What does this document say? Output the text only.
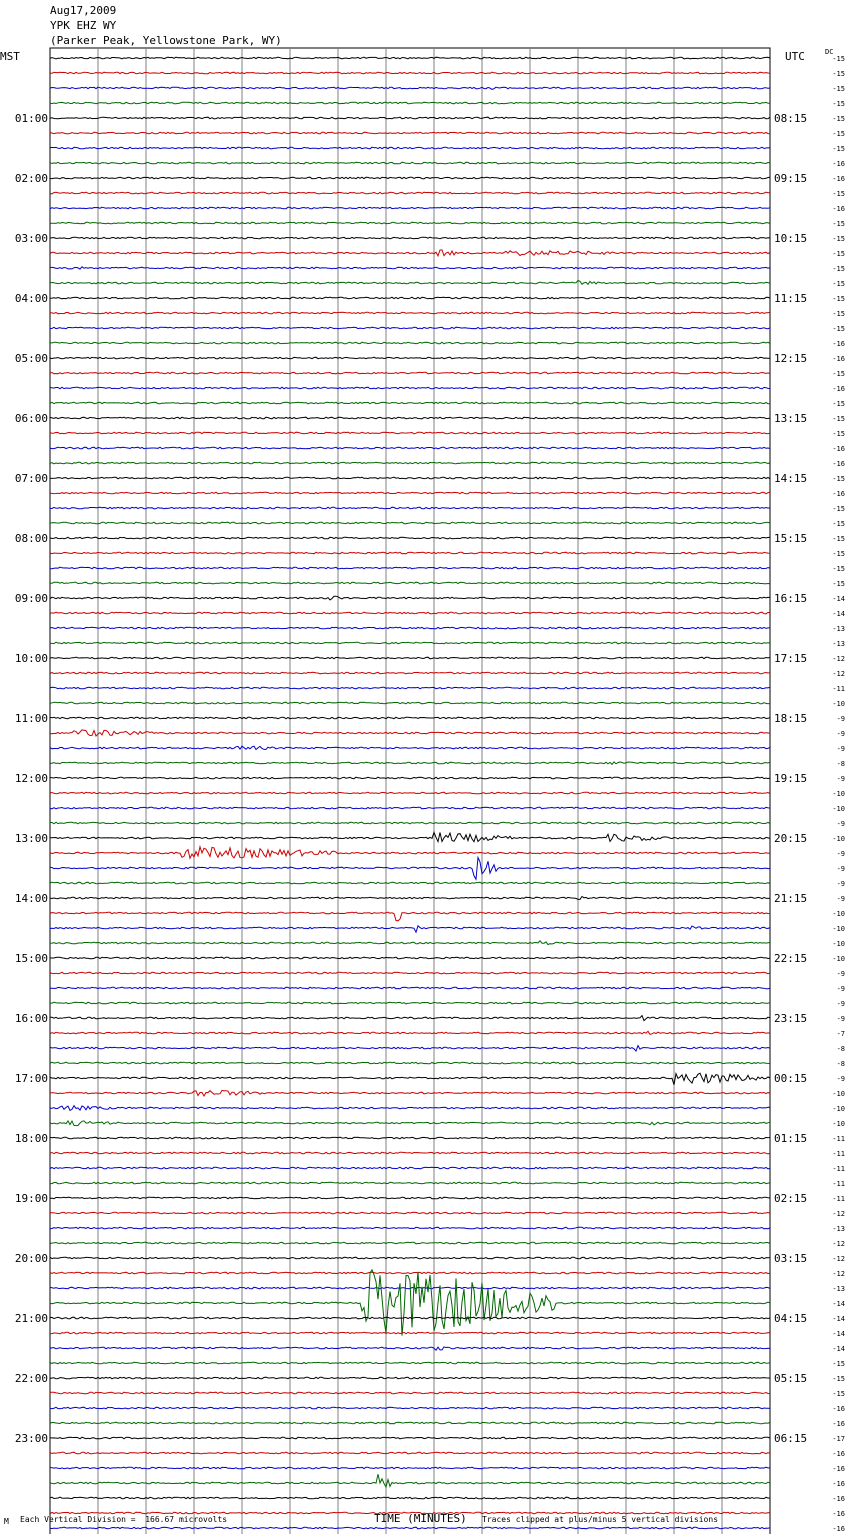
Aug17,2009
YPK EHZ WY
(Parker Peak, Yellowstone Park, WY)
MST	UTC	DC
-15
-15
-15
-15
-15
-15
-15
-16
-16
-15
-16
-15
-15
-15
-15
-15
-15
-15
-15
-16
-16
-15
-16
-15
-15
-15
-16
-16
-15
-16
-15
-15
-15
-15
-15
-15
-14
-14
-13
-13
-12
-12
-11
-10
-9
-9
-9
-8
-9
-10
-10
-9
-10
-9
-9
-9
-9
-10
-10
-10
-10
-9
-9
-9
-9
-7
-8
-8
-9
-10
-10
-10
-11
-11
-11
-11
-11
-12
-13
-12
-12
-12
-13
-14
-14
-14
-14
-15
-15
-15
-16
-16
-17
-16
-16
-16
-16
-16
-16
01:00
02:00
03:00
04:00
05:00
06:00
07:00
08:00
09:00
10:00
11:00
12:00
13:00
14:00
15:00
16:00
17:00
18:00
19:00
20:00
21:00
22:00
23:00
08:15
09:15
10:15
11:15
12:15
13:15
14:15
15:15
16:15
17:15
18:15
19:15
20:15
21:15
22:15
23:15
00:15
01:15
02:15
03:15
04:15
05:15
06:15
M Each Vertical Division =  166.67 microvolts	TIME (MINUTES) Traces clipped at plus/minus 5 vertical divisions
